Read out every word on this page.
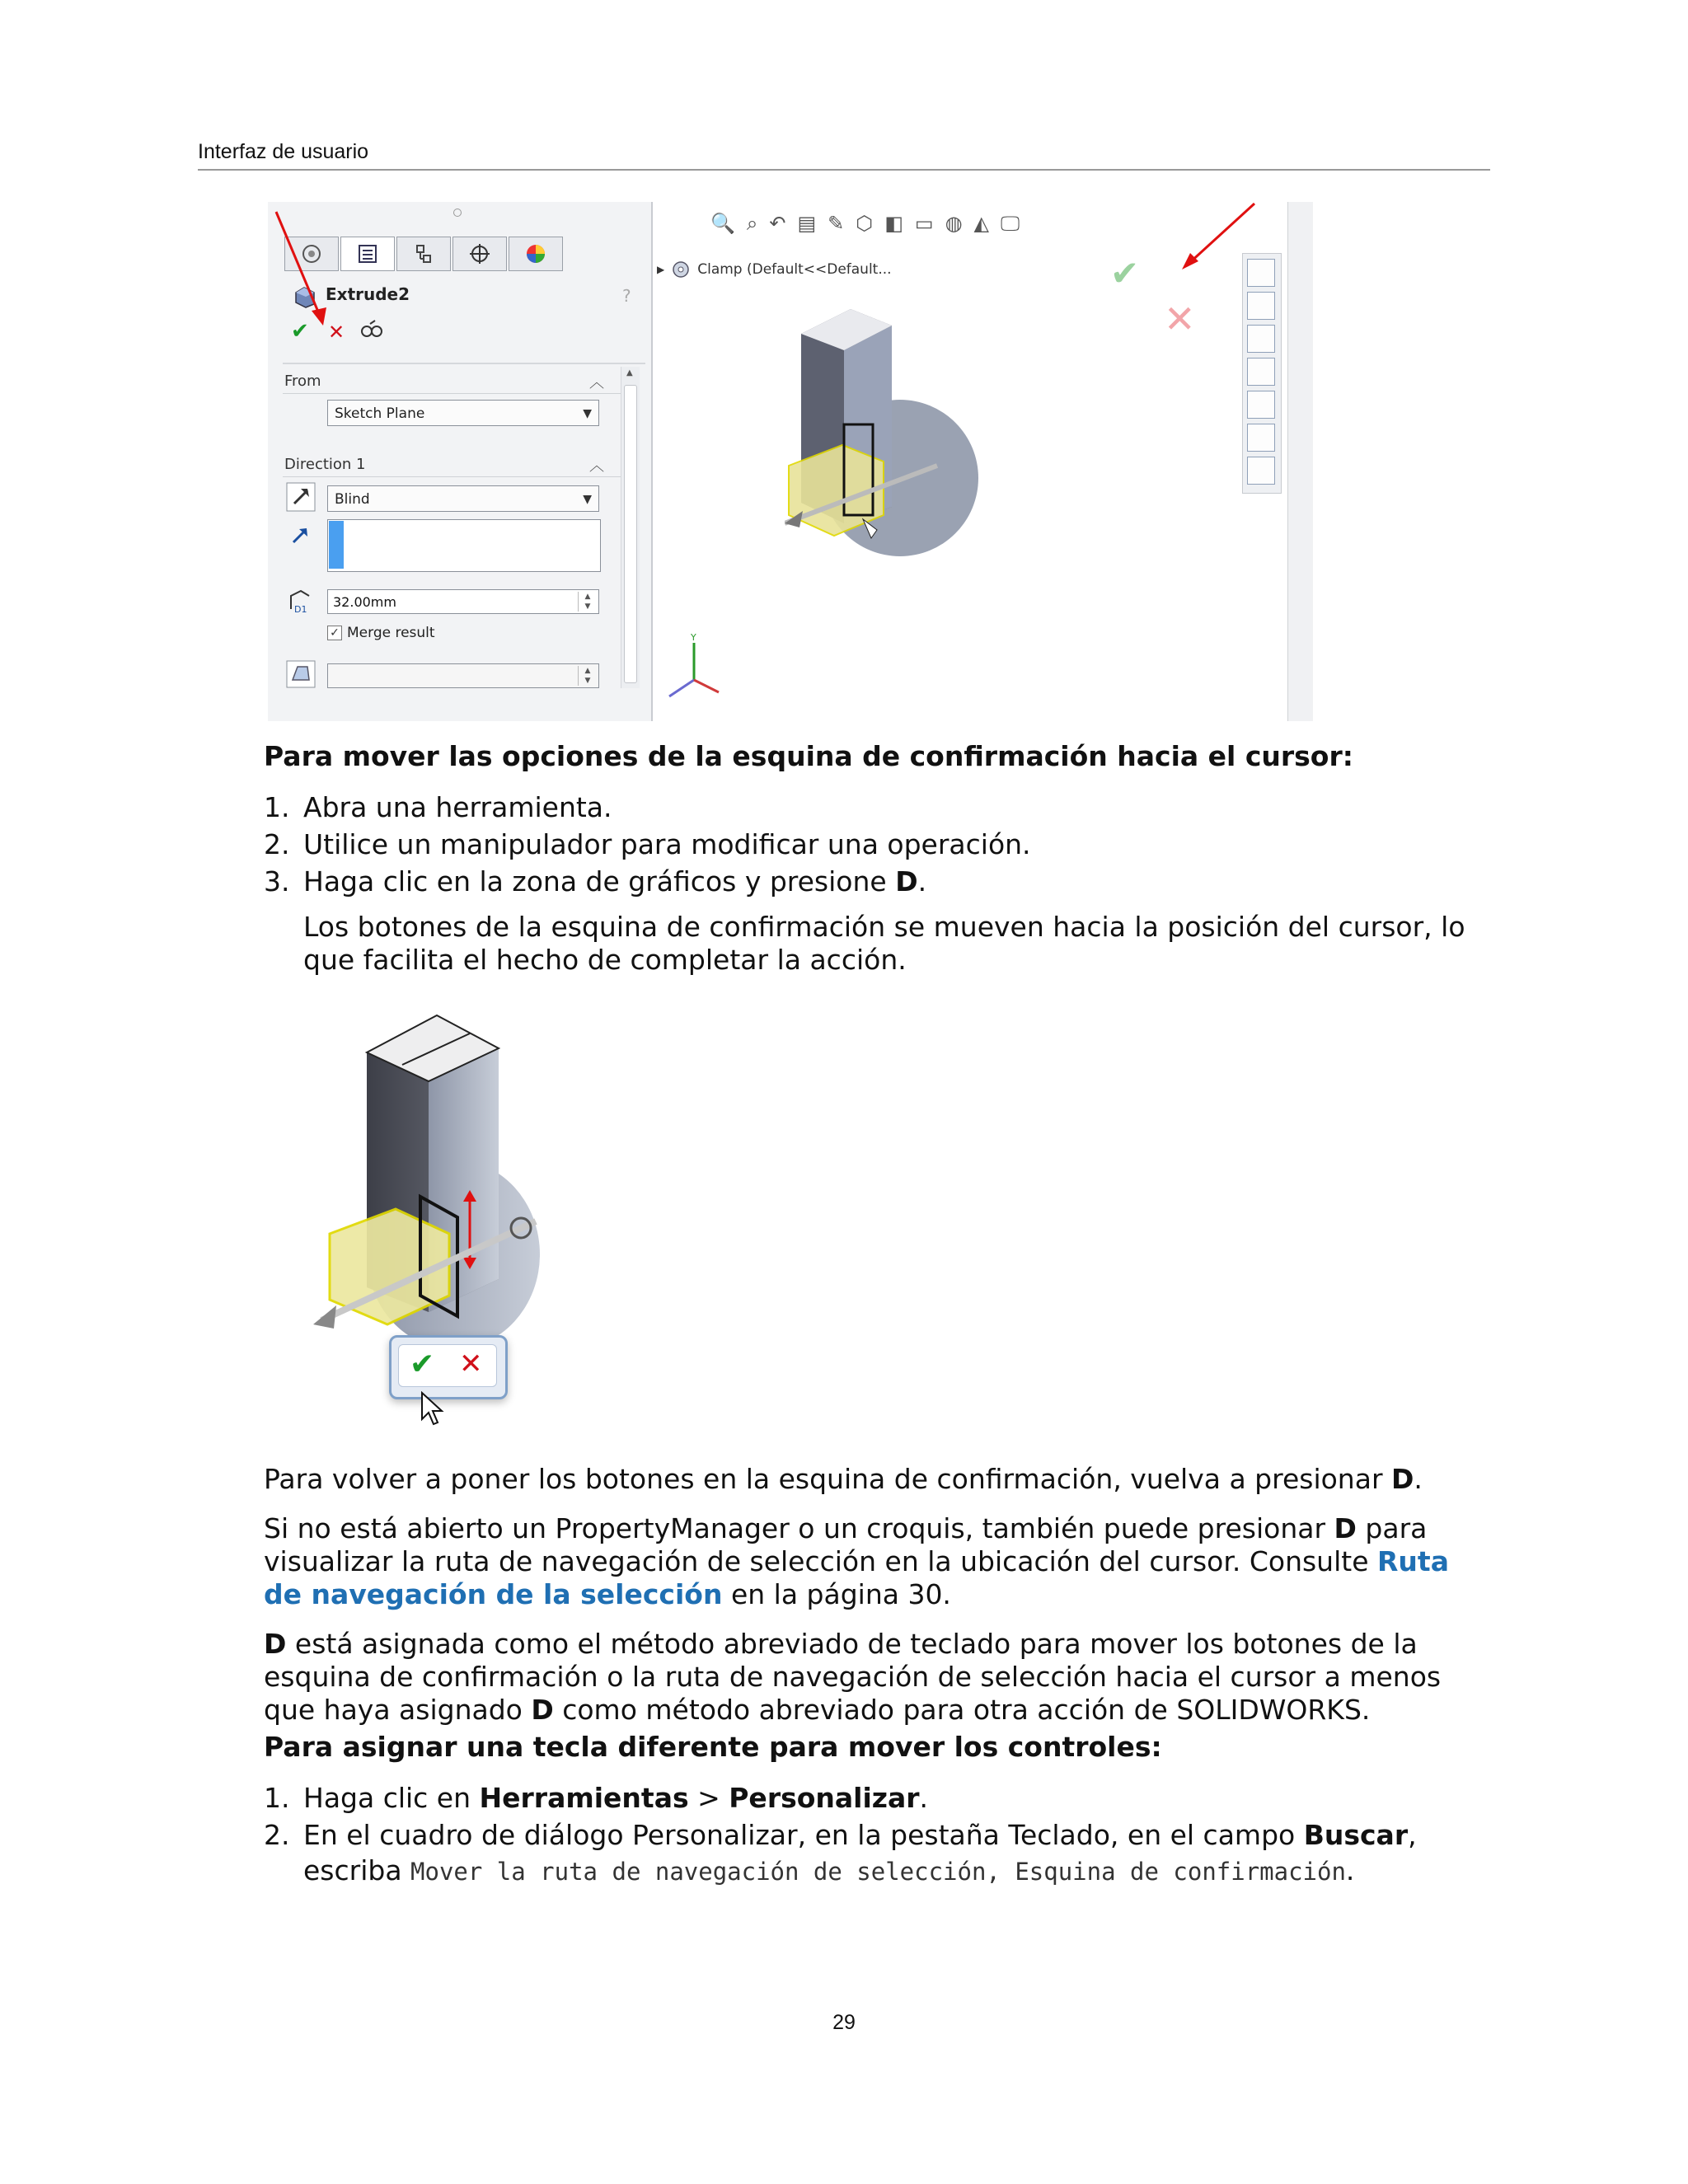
Interfaz de usuario
Extrude2	?
✔ ✕
From	︿
Sketch Plane	▼
Direction 1	︿
Blind	▼
D1	32.00mm	▲
▼
✓ Merge result
▲
▼
▲
🔍 ⌕ ↶ ▤ ✎ ⬡ ◧ ▭ ◍ ◭ 🖵
▶ Clamp (Default<<Default...	✔
✕
Y
Para mover las opciones de la esquina de confirmación hacia el cursor:
1. Abra una herramienta.
2. Utilice un manipulador para modificar una operación.
3. Haga clic en la zona de gráficos y presione D.
Los botones de la esquina de confirmación se mueven hacia la posición del cursor, lo
que facilita el hecho de completar la acción.
✔ ✕
Para volver a poner los botones en la esquina de confirmación, vuelva a presionar D.
Si no está abierto un PropertyManager o un croquis, también puede presionar D para
visualizar la ruta de navegación de selección en la ubicación del cursor. Consulte Ruta
de navegación de la selección en la página 30.
D está asignada como el método abreviado de teclado para mover los botones de la
esquina de confirmación o la ruta de navegación de selección hacia el cursor a menos
que haya asignado D como método abreviado para otra acción de SOLIDWORKS.
Para asignar una tecla diferente para mover los controles:
1. Haga clic en Herramientas > Personalizar.
2. En el cuadro de diálogo Personalizar, en la pestaña Teclado, en el campo Buscar,
escriba Mover la ruta de navegación de selección, Esquina de confirmación.
29
